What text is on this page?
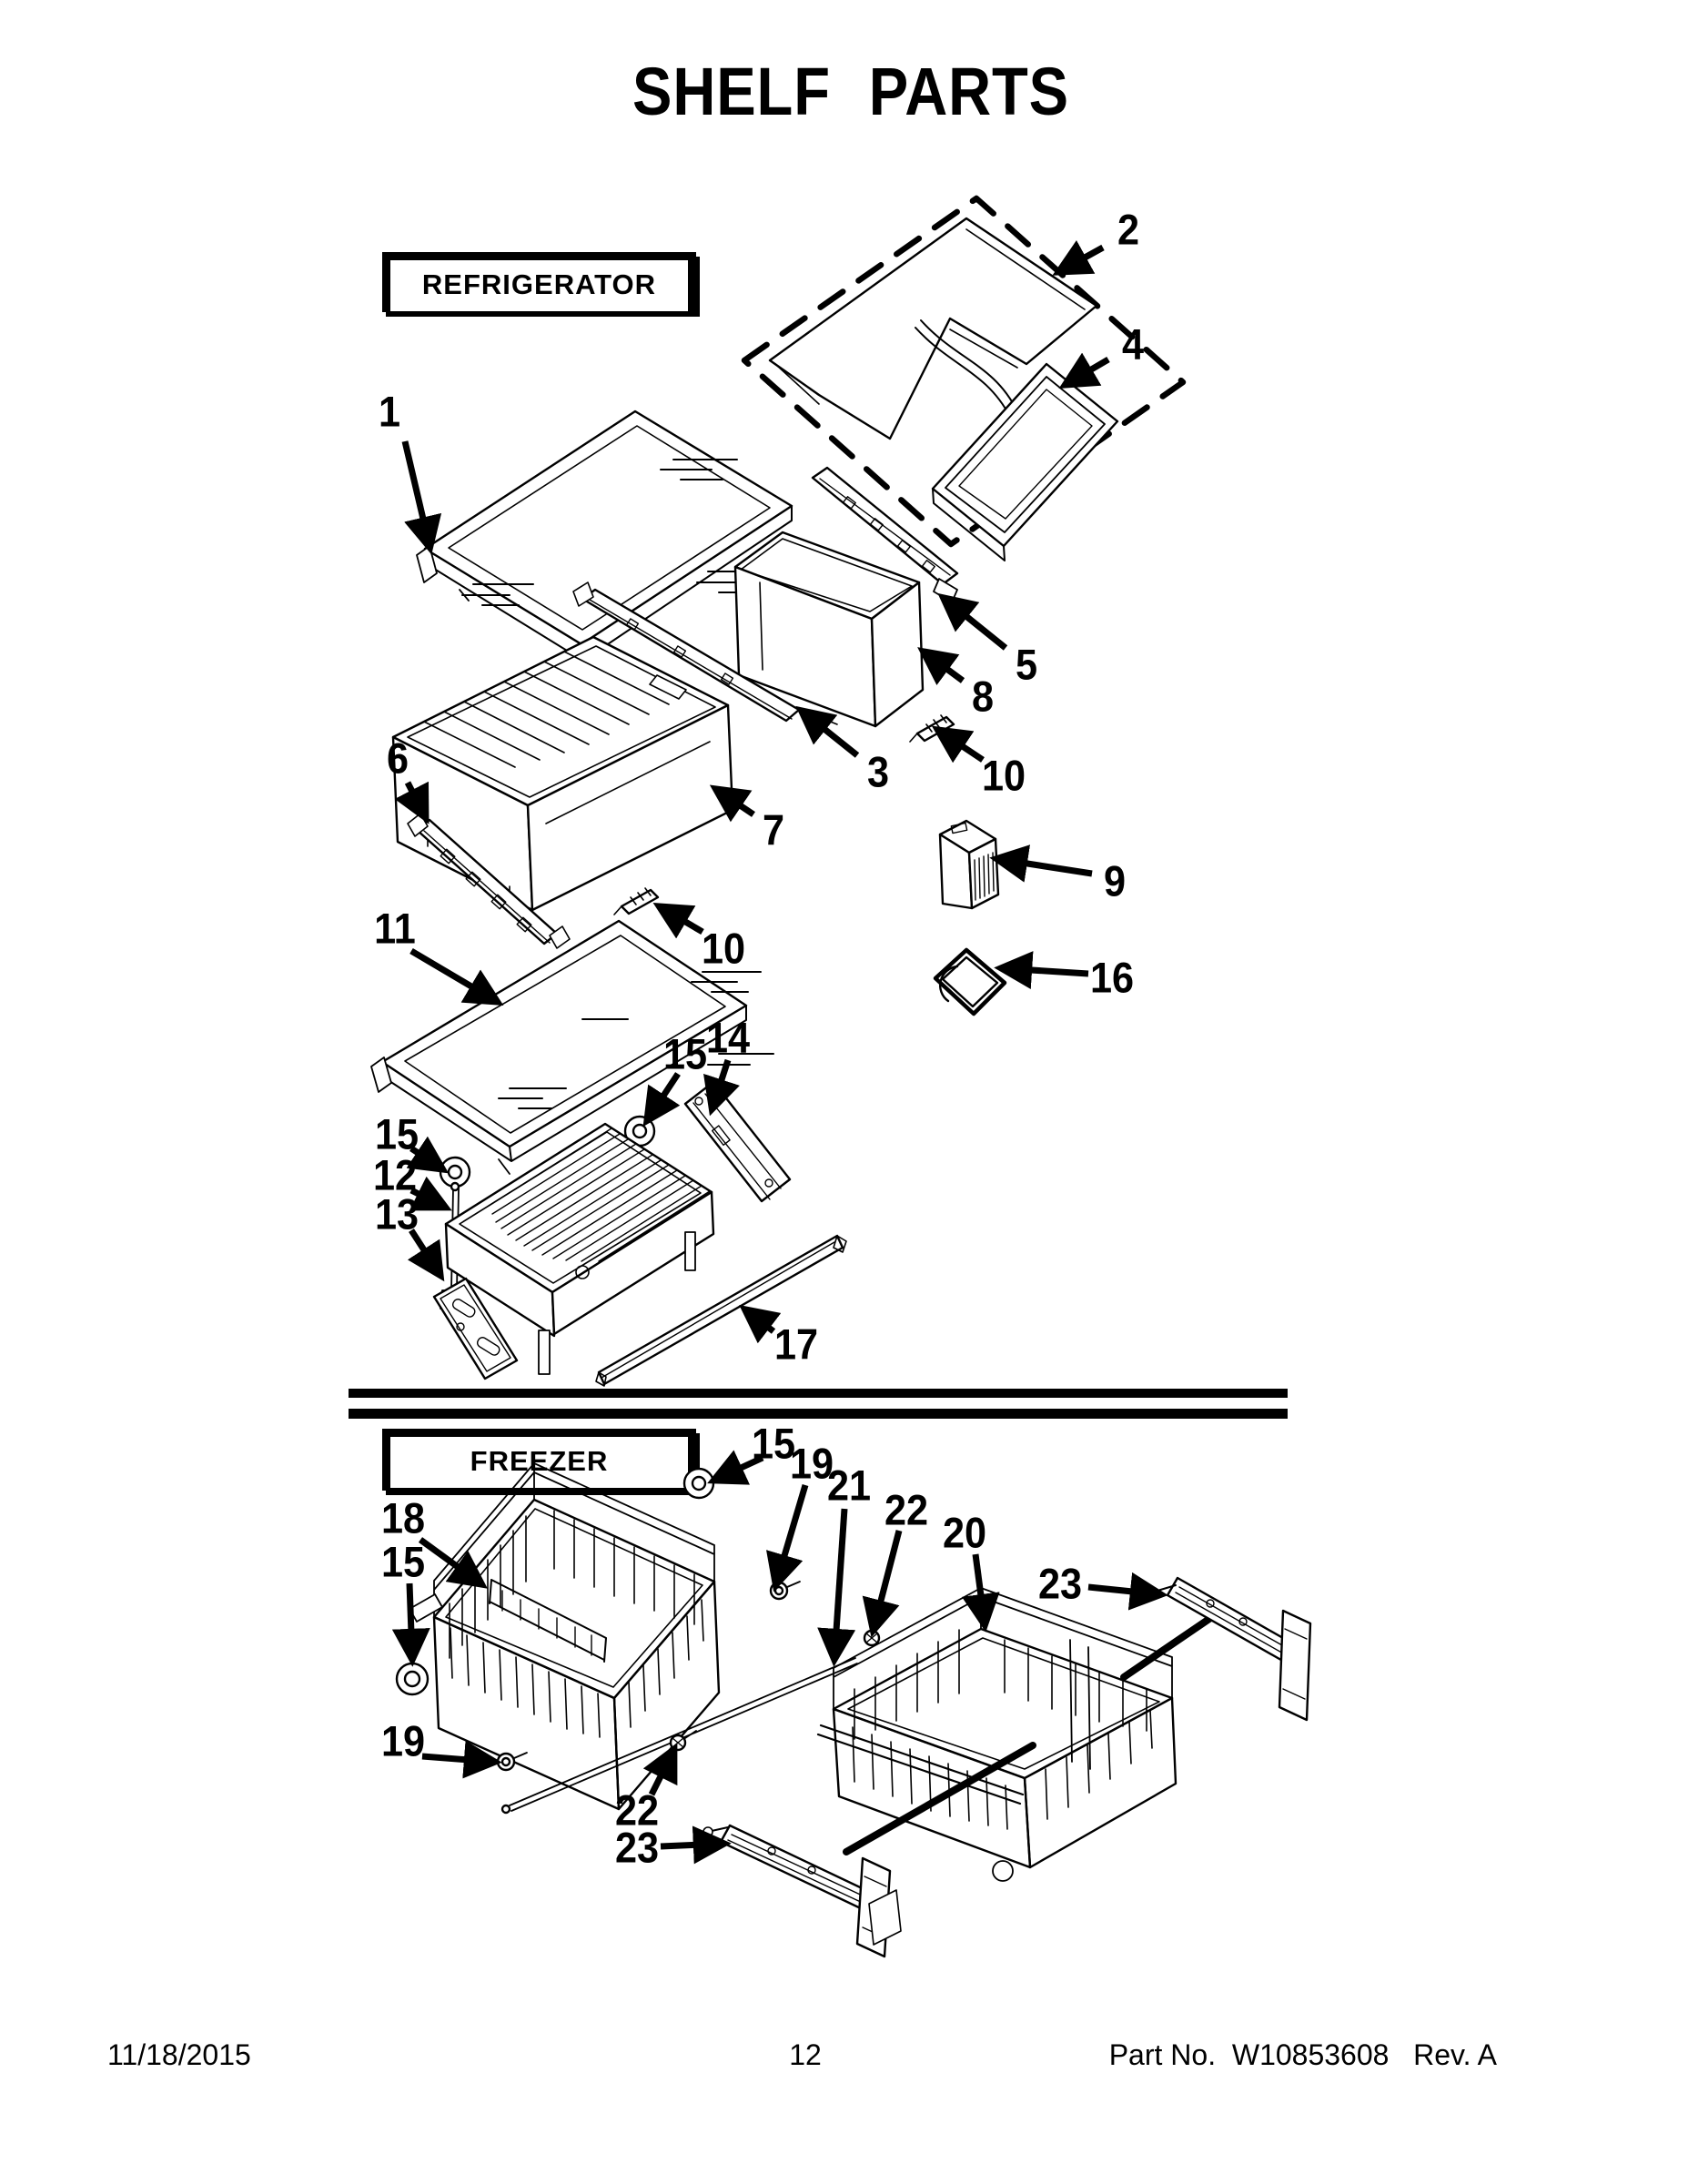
SHELF PARTS
REFRIGERATOR
FREEZER
1
2
4
5
8
3 10
7
6
9
16
11	10
14
15
15
12
13
17
18
15
19
15
19
21
22 20
23
22
23
11/18/2015	12	Part No.  W10853608   Rev. A
